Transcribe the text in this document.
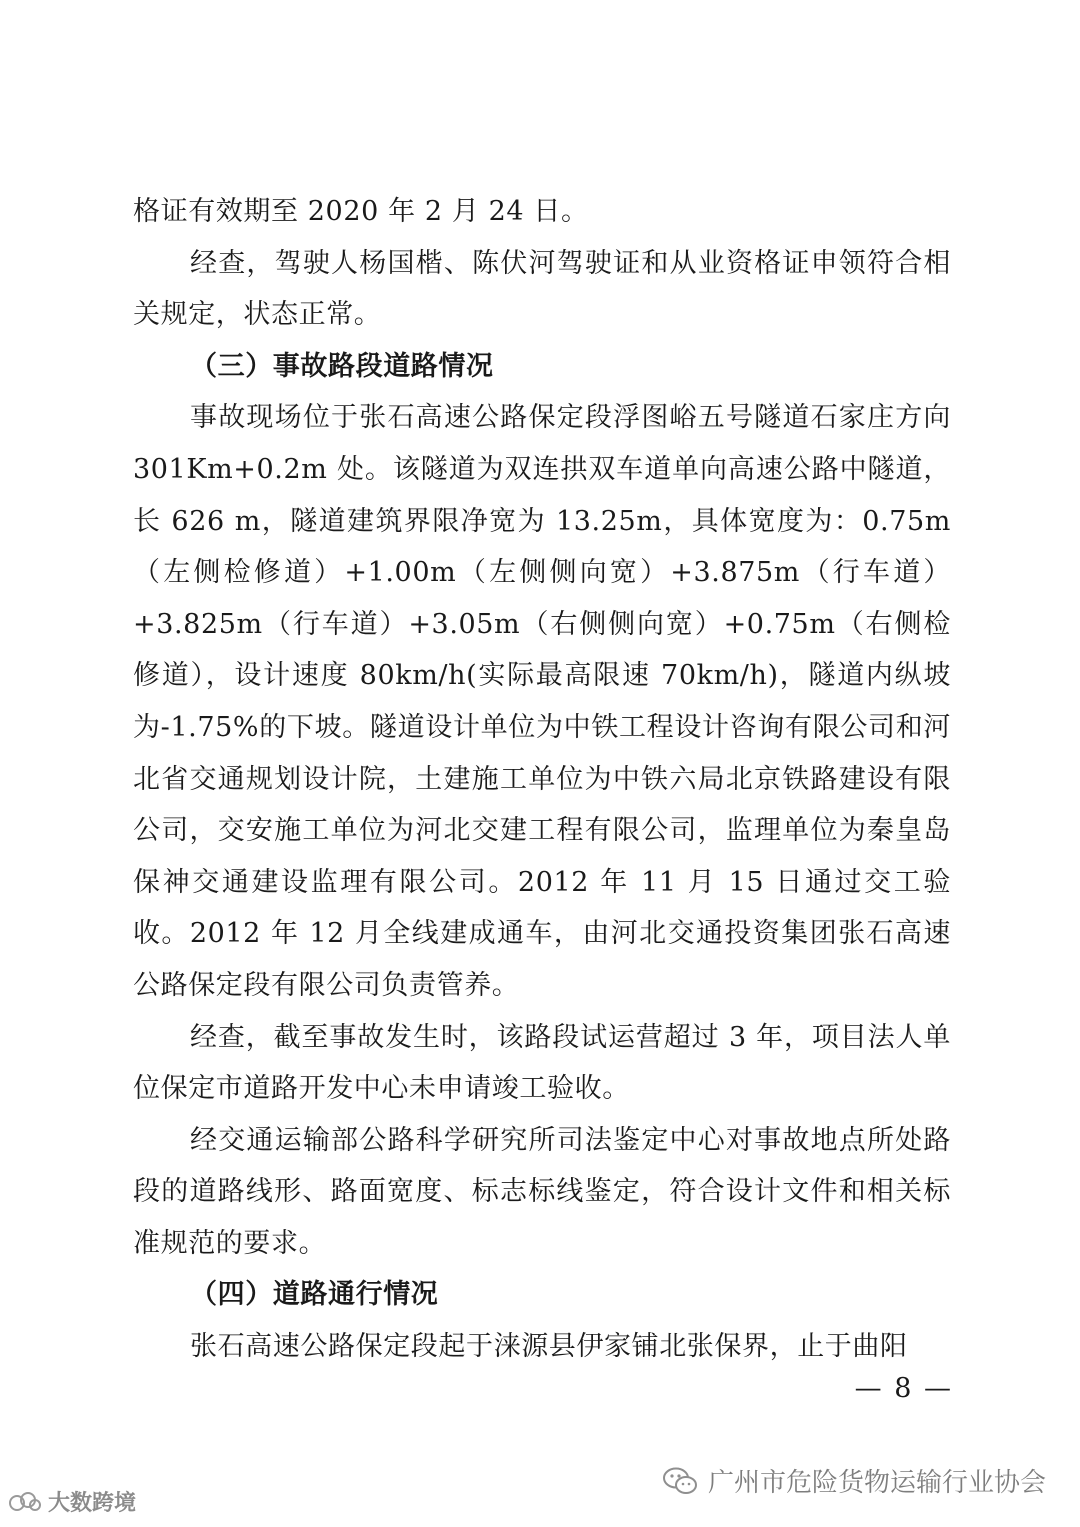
格证有效期至 2020 年 2 月 24 日。

经查，驾驶人杨国楷、陈伏河驾驶证和从业资格证申领符合相关规定，状态正常。

（三）事故路段道路情况

事故现场位于张石高速公路保定段浮图峪五号隧道石家庄方向 301Km+0.2m 处。该隧道为双连拱双车道单向高速公路中隧道，长 626 m，隧道建筑界限净宽为 13.25m，具体宽度为：0.75m（左侧检修道）+1.00m（左侧侧向宽）+3.875m（行车道）+3.825m（行车道）+3.05m（右侧侧向宽）+0.75m（右侧检修道），设计速度 80km/h(实际最高限速 70km/h)，隧道内纵坡为-1.75%的下坡。隧道设计单位为中铁工程设计咨询有限公司和河北省交通规划设计院，土建施工单位为中铁六局北京铁路建设有限公司，交安施工单位为河北交建工程有限公司，监理单位为秦皇岛保神交通建设监理有限公司。2012 年 11 月 15 日通过交工验收。2012 年 12 月全线建成通车，由河北交通投资集团张石高速公路保定段有限公司负责管养。

经查，截至事故发生时，该路段试运营超过 3 年，项目法人单位保定市道路开发中心未申请竣工验收。

经交通运输部公路科学研究所司法鉴定中心对事故地点所处路段的道路线形、路面宽度、标志标线鉴定，符合设计文件和相关标准规范的要求。

（四）道路通行情况

张石高速公路保定段起于涞源县伊家铺北张保界，止于曲阳

— 8 —
大数跨境
广州市危险货物运输行业协会
